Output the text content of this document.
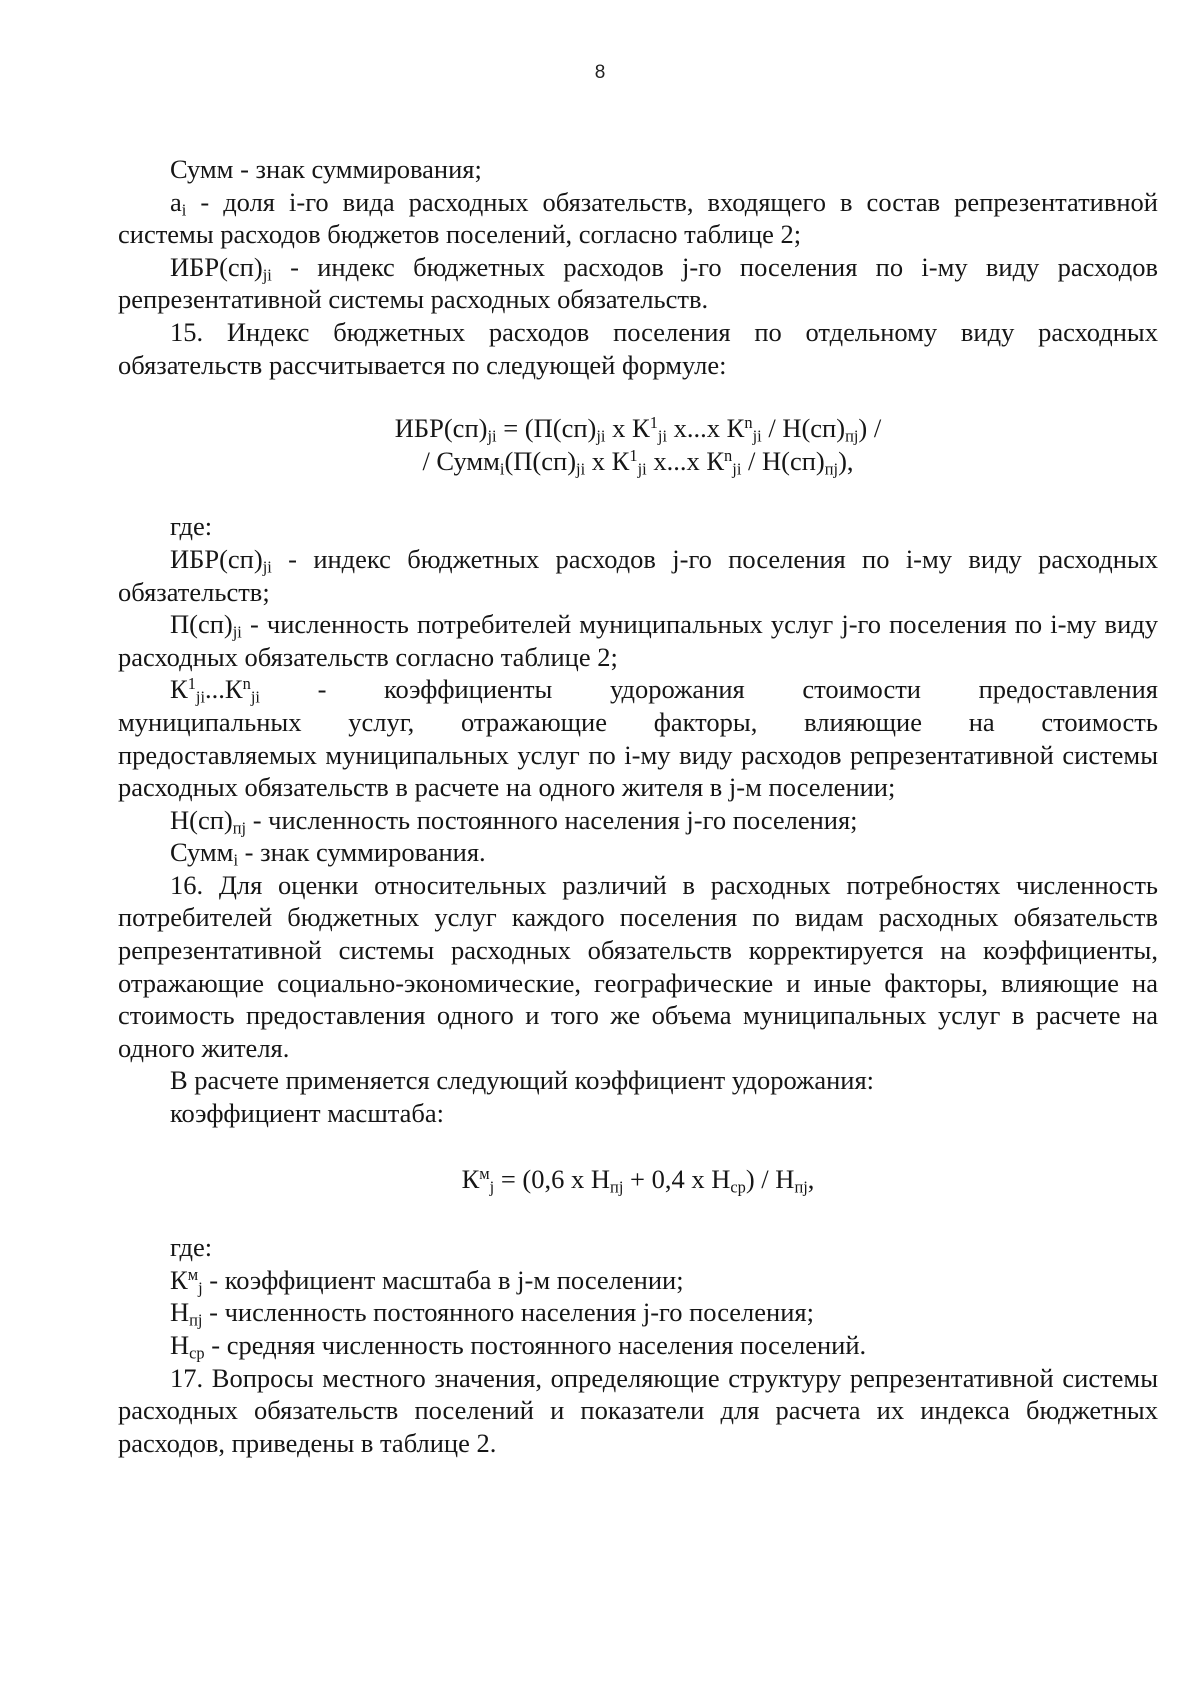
8

Сумм - знак суммирования;

$a_i$ - доля i-го вида расходных обязательств, входящего в состав репрезентативной системы расходов бюджетов поселений, согласно таблице 2;

$ИБР(сп)_{ji}$ - индекс бюджетных расходов j-го поселения по i-му виду расходов репрезентативной системы расходных обязательств.

15. Индекс бюджетных расходов поселения по отдельному виду расходных обязательств рассчитывается по следующей формуле:

$ИБР(сп)_{ji} = (П(сп)_{ji}$ х $К^1_{ji}$ х...х $К^n_{ji} / Н(сп)_{пj}$) /

/ $Сумм_i(П(сп)_{ji}$ х $К^1_{ji}$ х...х $К^n_{ji} / Н(сп)_{пj}$),

где:

$ИБР(сп)_{ji}$ - индекс бюджетных расходов j-го поселения по i-му виду расходных обязательств;

$П(сп)_{ji}$ - численность потребителей муниципальных услуг j-го поселения по i-му виду расходных обязательств согласно таблице 2;

$К^1_{ji}...К^n_{ji}$ - коэффициенты удорожания стоимости предоставления
муниципальных услуг, отражающие факторы, влияющие на стоимость

предоставляемых муниципальных услуг по i-му виду расходов репрезентативной системы расходных обязательств в расчете на одного жителя в j-м поселении;

$Н(сп)_{пj}$ - численность постоянного населения j-го поселения;

Сумм$_i$ - знак суммирования.

16. Для оценки относительных различий в расходных потребностях численность потребителей бюджетных услуг каждого поселения по видам расходных обязательств репрезентативной системы расходных обязательств корректируется на коэффициенты, отражающие социально-экономические, географические и иные факторы, влияющие на стоимость предоставления одного и того же объема муниципальных услуг в расчете на одного жителя.

В расчете применяется следующий коэффициент удорожания:

коэффициент масштаба:

$К^м_j = (0,6$ х $Н_{пj} + 0,4$ х $Н_{ср}) / Н_{пj}$,

где:

$К^м_j$ - коэффициент масштаба в j-м поселении;

$Н_{пj}$ - численность постоянного населения j-го поселения;

$Н_{ср}$ - средняя численность постоянного населения поселений.

17. Вопросы местного значения, определяющие структуру репрезентативной системы расходных обязательств поселений и показатели для расчета их индекса бюджетных расходов, приведены в таблице 2.
